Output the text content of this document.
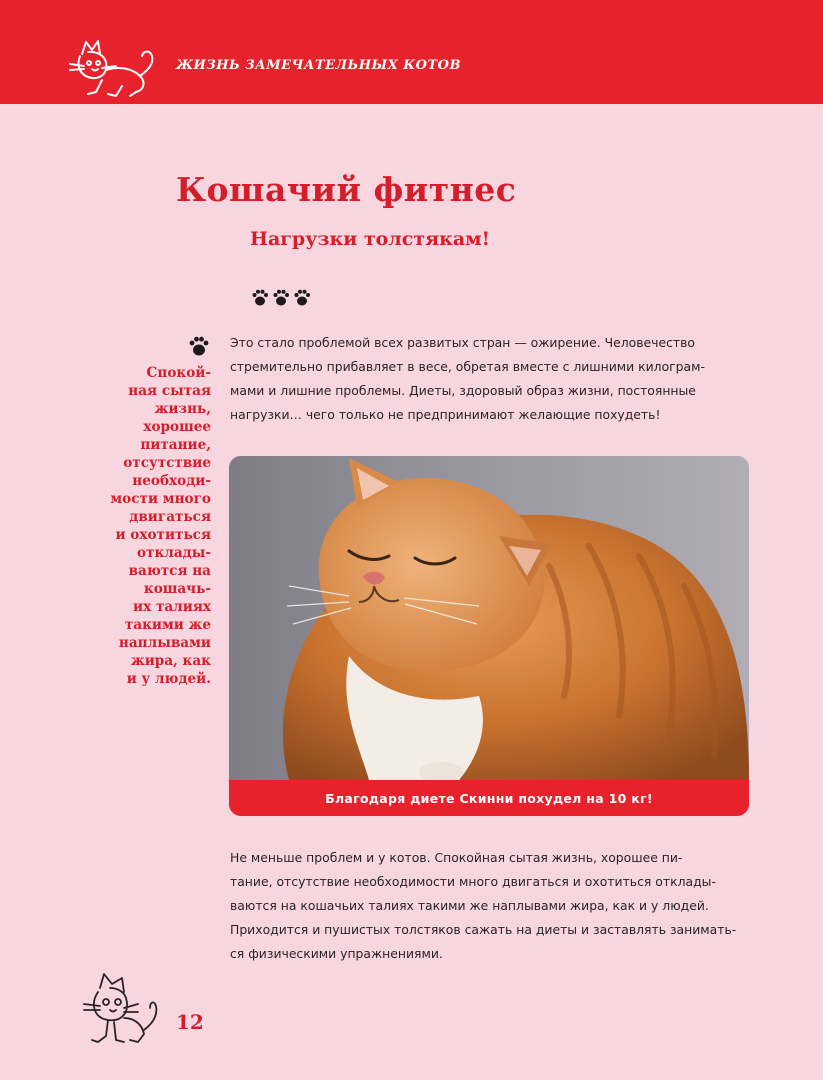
ЖИЗНЬ ЗАМЕЧАТЕЛЬНЫХ КОТОВ
Кошачий фитнес
Нагрузки толстякам!
Спокой-
ная сытая
жизнь,
хорошее
питание,
отсутствие
необходи-
мости много
двигаться
и охотиться
отклады-
ваются на
кошачь-
их талиях
такими же
наплывами
жира, как
и у людей.
Это стало проблемой всех развитых стран — ожирение. Человечество
стремительно прибавляет в весе, обретая вместе с лишними килограм-
мами и лишние проблемы. Диеты, здоровый образ жизни, постоянные
нагрузки… чего только не предпринимают желающие похудеть!
Благодаря диете Скинни похудел на 10 кг!
Не меньше проблем и у котов. Спокойная сытая жизнь, хорошее пи-
тание, отсутствие необходимости много двигаться и охотиться отклады-
ваются на кошачьих талиях такими же наплывами жира, как и у людей.
Приходится и пушистых толстяков сажать на диеты и заставлять занимать-
ся физическими упражнениями.
12
